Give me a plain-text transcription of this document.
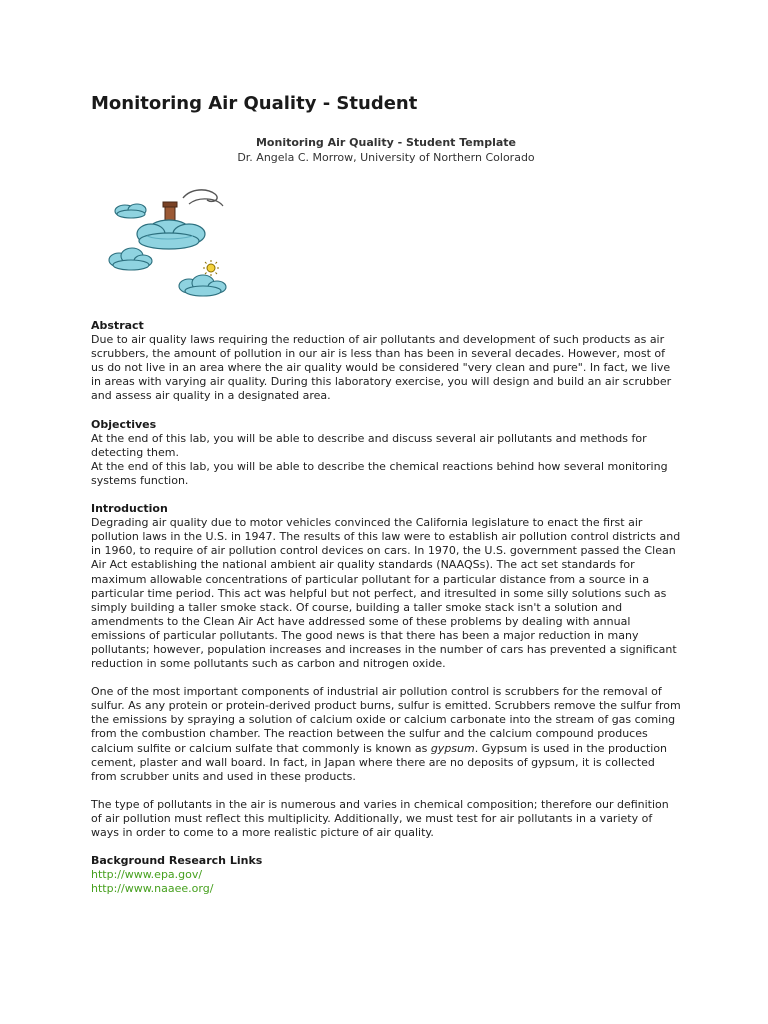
Monitoring Air Quality - Student
Monitoring Air Quality - Student Template
Dr. Angela C. Morrow, University of Northern Colorado
Abstract

Due to air quality laws requiring the reduction of air pollutants and development of such products as air scrubbers, the amount of pollution in our air is less than has been in several decades. However, most of us do not live in an area where the air quality would be considered "very clean and pure". In fact, we live in areas with varying air quality. During this laboratory exercise, you will design and build an air scrubber and assess air quality in a designated area.

Objectives

At the end of this lab, you will be able to describe and discuss several air pollutants and methods for detecting them.

At the end of this lab, you will be able to describe the chemical reactions behind how several monitoring systems function.

Introduction

Degrading air quality due to motor vehicles convinced the California legislature to enact the first air pollution laws in the U.S. in 1947. The results of this law were to establish air pollution control districts and in 1960, to require of air pollution control devices on cars. In 1970, the U.S. government passed the Clean Air Act establishing the national ambient air quality standards (NAAQSs). The act set standards for maximum allowable concentrations of particular pollutant for a particular distance from a source in a particular time period. This act was helpful but not perfect, and itresulted in some silly solutions such as simply building a taller smoke stack. Of course, building a taller smoke stack isn't a solution and amendments to the Clean Air Act have addressed some of these problems by dealing with annual emissions of particular pollutants. The good news is that there has been a major reduction in many pollutants; however, population increases and increases in the number of cars has prevented a significant reduction in some pollutants such as carbon and nitrogen oxide.

One of the most important components of industrial air pollution control is scrubbers for the removal of sulfur. As any protein or protein-derived product burns, sulfur is emitted. Scrubbers remove the sulfur from the emissions by spraying a solution of calcium oxide or calcium carbonate into the stream of gas coming from the combustion chamber. The reaction between the sulfur and the calcium compound produces calcium sulfite or calcium sulfate that commonly is known as gypsum. Gypsum is used in the production cement, plaster and wall board. In fact, in Japan where there are no deposits of gypsum, it is collected from scrubber units and used in these products.

The type of pollutants in the air is numerous and varies in chemical composition; therefore our definition of air pollution must reflect this multiplicity. Additionally, we must test for air pollutants in a variety of ways in order to come to a more realistic picture of air quality.

Background Research Links
http://www.epa.gov/
http://www.naaee.org/
